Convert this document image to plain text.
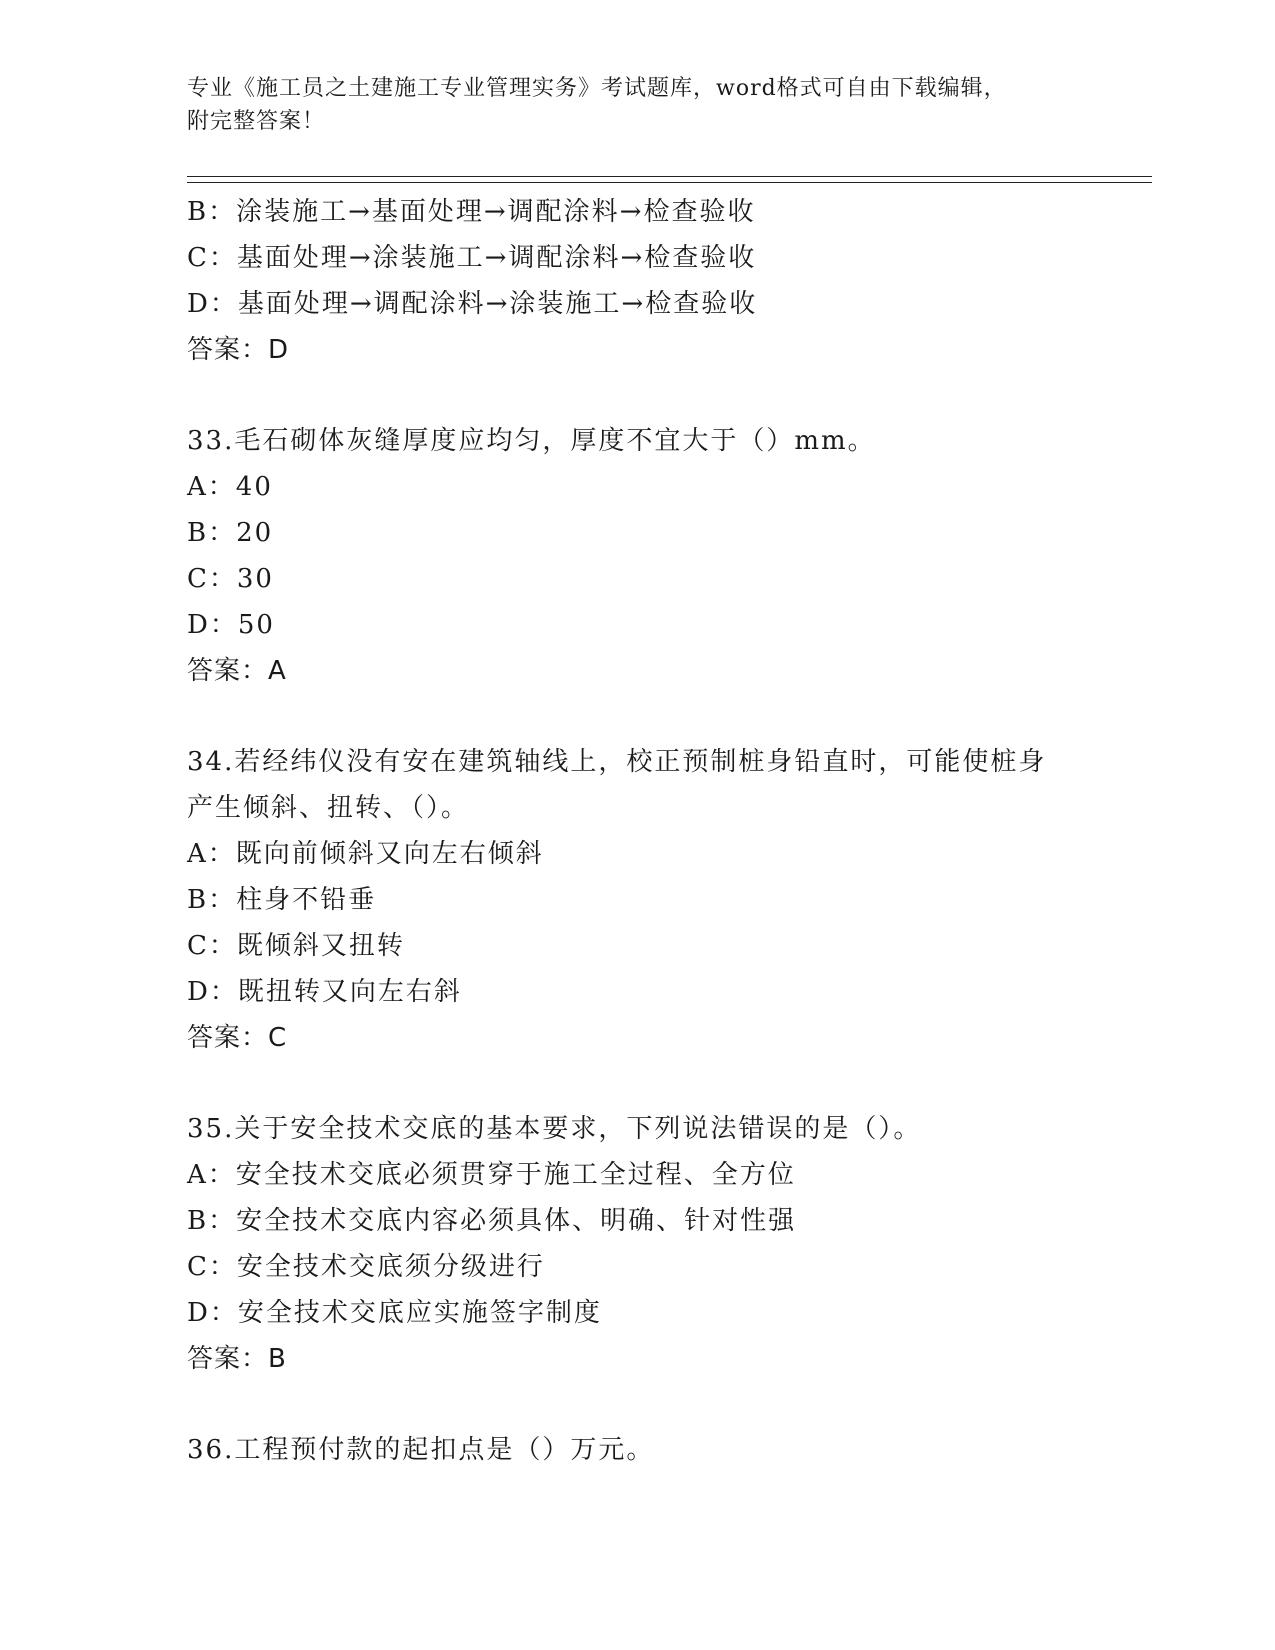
专业《施工员之土建施工专业管理实务》考试题库，word格式可自由下载编辑，
附完整答案！
B：涂装施工→基面处理→调配涂料→检查验收
C：基面处理→涂装施工→调配涂料→检查验收
D：基面处理→调配涂料→涂装施工→检查验收
答案：D
33.毛石砌体灰缝厚度应均匀，厚度不宜大于（）mm。
A：40
B：20
C：30
D：50
答案：A
34.若经纬仪没有安在建筑轴线上，校正预制桩身铅直时，可能使桩身
产生倾斜、扭转、（）。
A：既向前倾斜又向左右倾斜
B：柱身不铅垂
C：既倾斜又扭转
D：既扭转又向左右斜
答案：C
35.关于安全技术交底的基本要求，下列说法错误的是（）。
A：安全技术交底必须贯穿于施工全过程、全方位
B：安全技术交底内容必须具体、明确、针对性强
C：安全技术交底须分级进行
D：安全技术交底应实施签字制度
答案：B
36.工程预付款的起扣点是（）万元。
